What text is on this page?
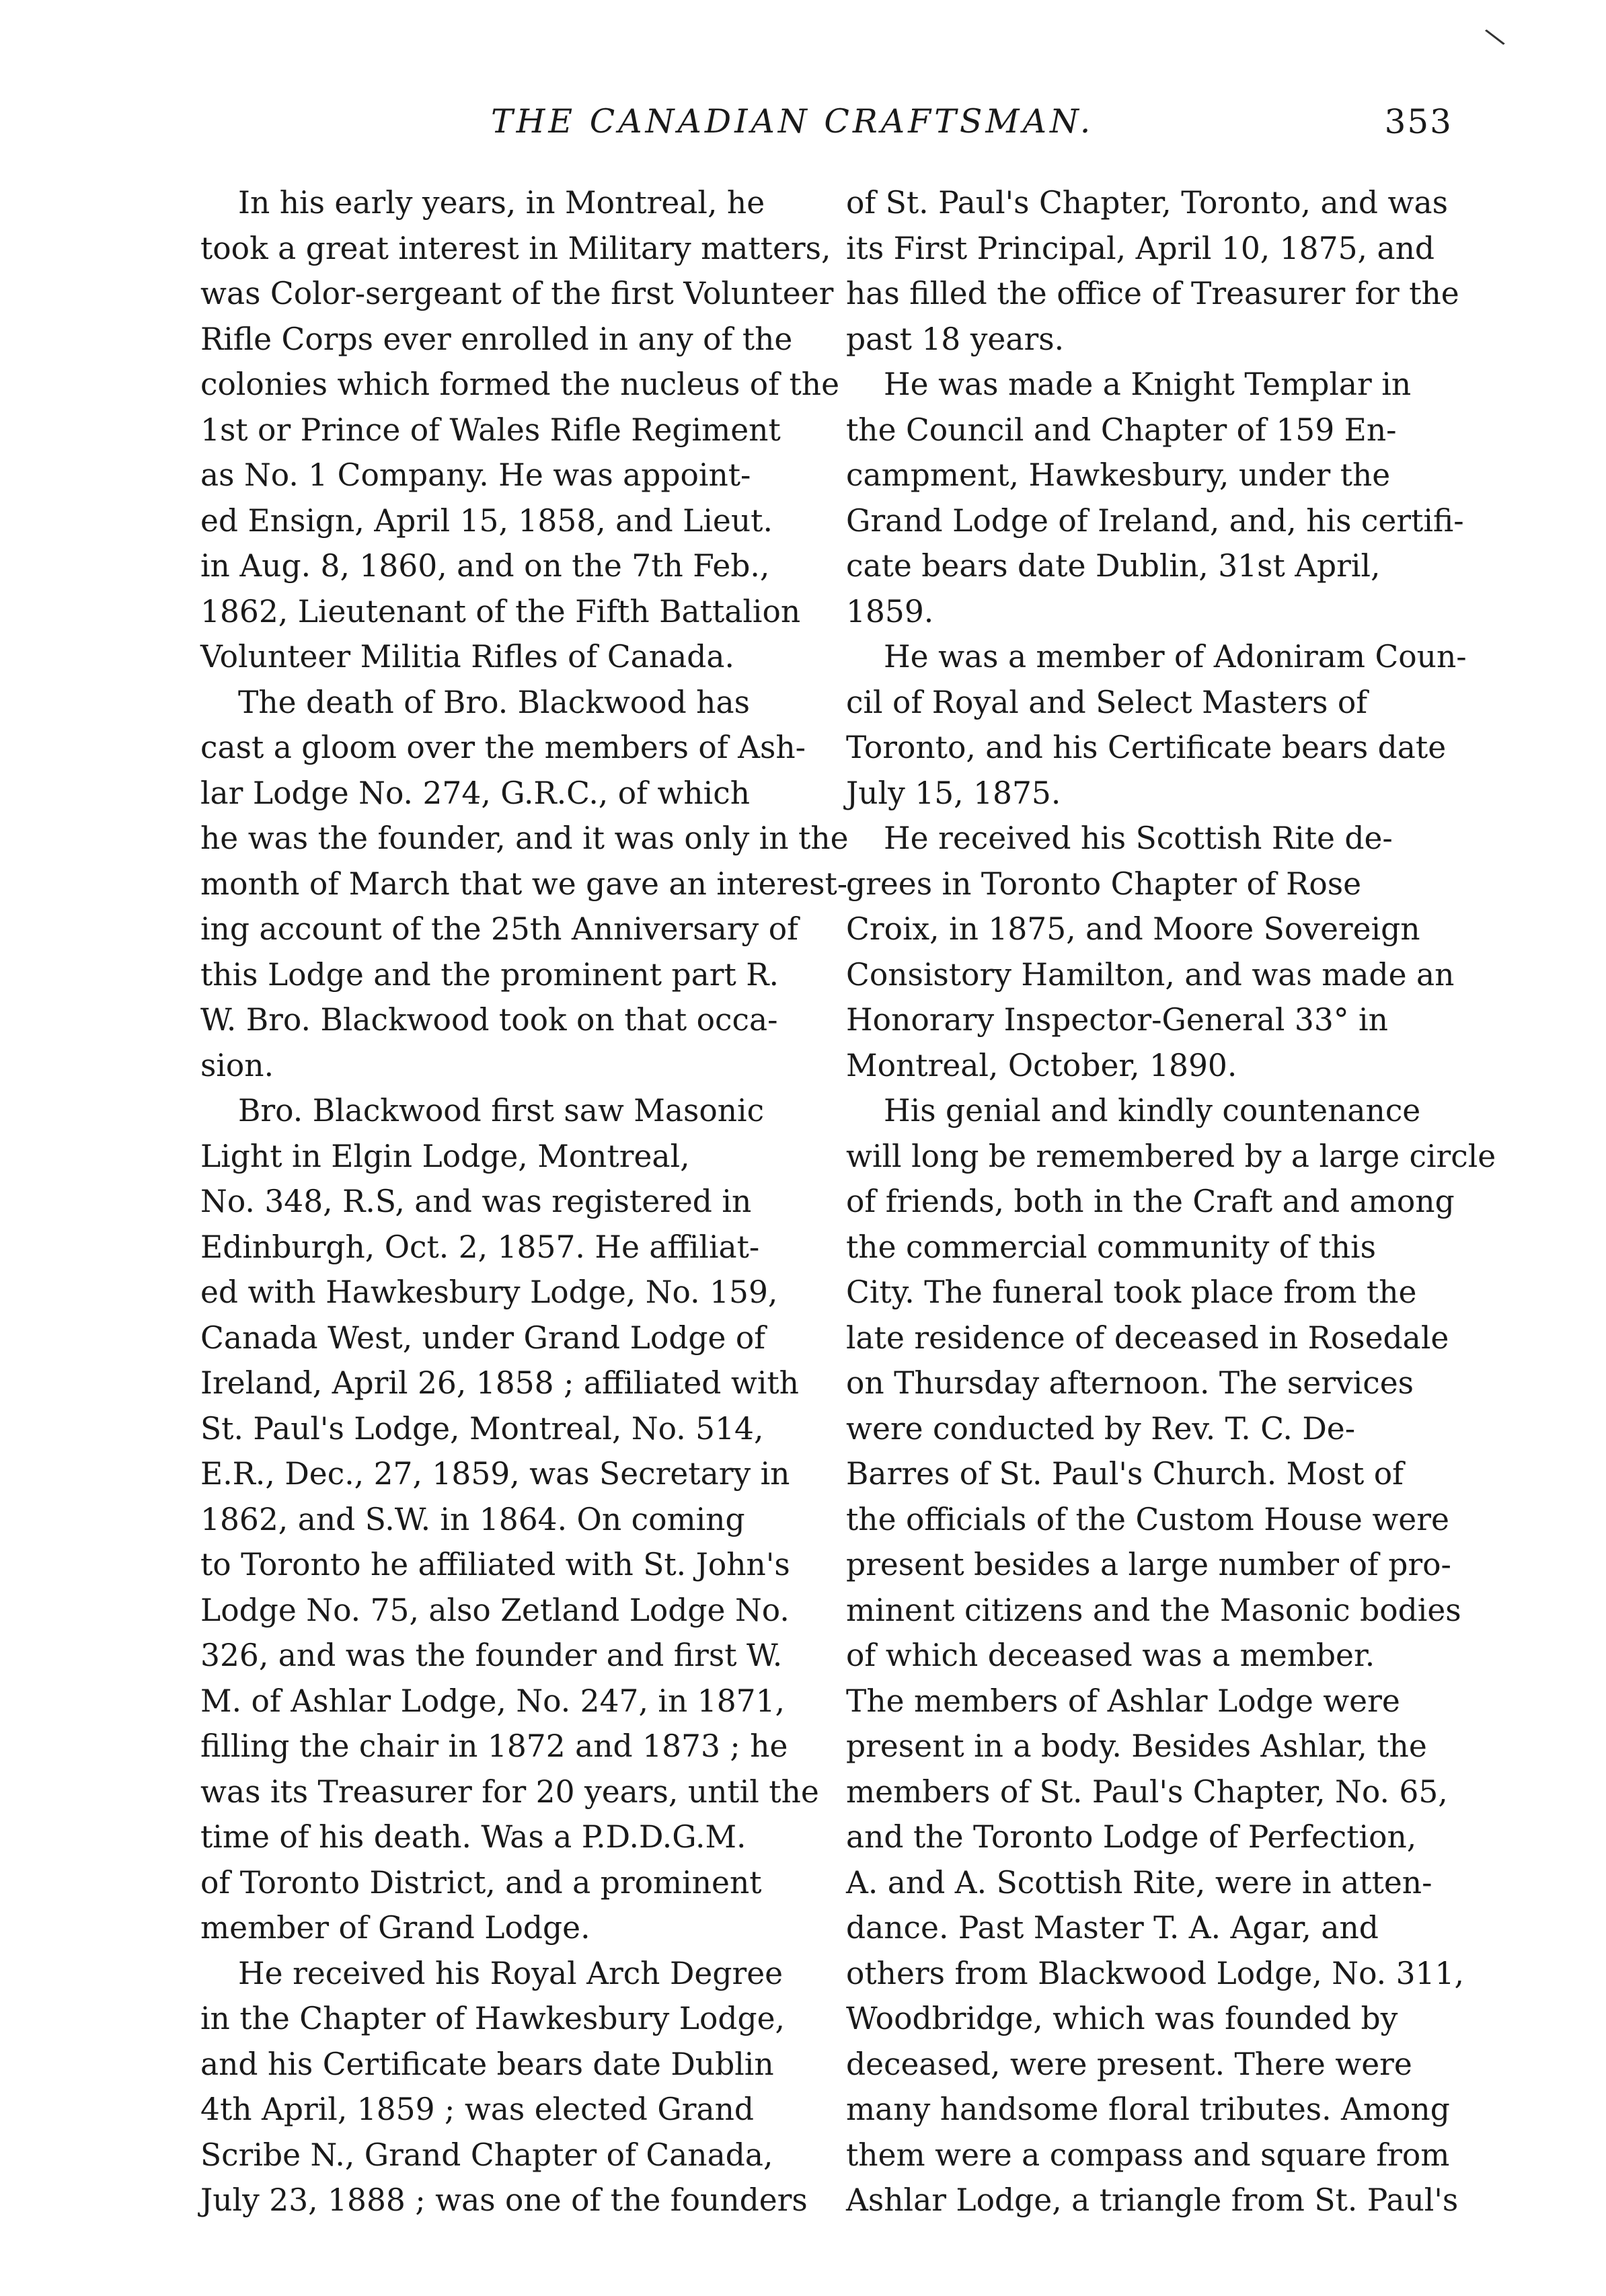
\
THE CANADIAN CRAFTSMAN.	353

In his early years, in Montreal, he
took a great interest in Military matters,
was Color-sergeant of the first Volunteer
Rifle Corps ever enrolled in any of the
colonies which formed the nucleus of the
1st or Prince of Wales Rifle Regiment
as No. 1 Company. He was appoint-
ed Ensign, April 15, 1858, and Lieut.
in Aug. 8, 1860, and on the 7th Feb.,
1862, Lieutenant of the Fifth Battalion
Volunteer Militia Rifles of Canada.

The death of Bro. Blackwood has
cast a gloom over the members of Ash-
lar Lodge No. 274, G.R.C., of which
he was the founder, and it was only in the
month of March that we gave an interest-
ing account of the 25th Anniversary of
this Lodge and the prominent part R.
W. Bro. Blackwood took on that occa-
sion.

Bro. Blackwood first saw Masonic
Light in Elgin Lodge, Montreal,
No. 348, R.S, and was registered in
Edinburgh, Oct. 2, 1857. He affiliat-
ed with Hawkesbury Lodge, No. 159,
Canada West, under Grand Lodge of
Ireland, April 26, 1858 ; affiliated with
St. Paul's Lodge, Montreal, No. 514,
E.R., Dec., 27, 1859, was Secretary in
1862, and S.W. in 1864. On coming
to Toronto he affiliated with St. John's
Lodge No. 75, also Zetland Lodge No.
326, and was the founder and first W.
M. of Ashlar Lodge, No. 247, in 1871,
filling the chair in 1872 and 1873 ; he
was its Treasurer for 20 years, until the
time of his death. Was a P.D.D.G.M.
of Toronto District, and a prominent
member of Grand Lodge.

He received his Royal Arch Degree
in the Chapter of Hawkesbury Lodge,
and his Certificate bears date Dublin
4th April, 1859 ; was elected Grand
Scribe N., Grand Chapter of Canada,
July 23, 1888 ; was one of the founders

of St. Paul's Chapter, Toronto, and was
its First Principal, April 10, 1875, and
has filled the office of Treasurer for the
past 18 years.

He was made a Knight Templar in
the Council and Chapter of 159 En-
campment, Hawkesbury, under the
Grand Lodge of Ireland, and, his certifi-
cate bears date Dublin, 31st April,
1859.

He was a member of Adoniram Coun-
cil of Royal and Select Masters of
Toronto, and his Certificate bears date
July 15, 1875.

He received his Scottish Rite de-
grees in Toronto Chapter of Rose
Croix, in 1875, and Moore Sovereign
Consistory Hamilton, and was made an
Honorary Inspector-General 33° in
Montreal, October, 1890.

His genial and kindly countenance
will long be remembered by a large circle
of friends, both in the Craft and among
the commercial community of this
City. The funeral took place from the
late residence of deceased in Rosedale
on Thursday afternoon. The services
were conducted by Rev. T. C. De-
Barres of St. Paul's Church. Most of
the officials of the Custom House were
present besides a large number of pro-
minent citizens and the Masonic bodies
of which deceased was a member.
The members of Ashlar Lodge were
present in a body. Besides Ashlar, the
members of St. Paul's Chapter, No. 65,
and the Toronto Lodge of Perfection,
A. and A. Scottish Rite, were in atten-
dance. Past Master T. A. Agar, and
others from Blackwood Lodge, No. 311,
Woodbridge, which was founded by
deceased, were present. There were
many handsome floral tributes. Among
them were a compass and square from
Ashlar Lodge, a triangle from St. Paul's
